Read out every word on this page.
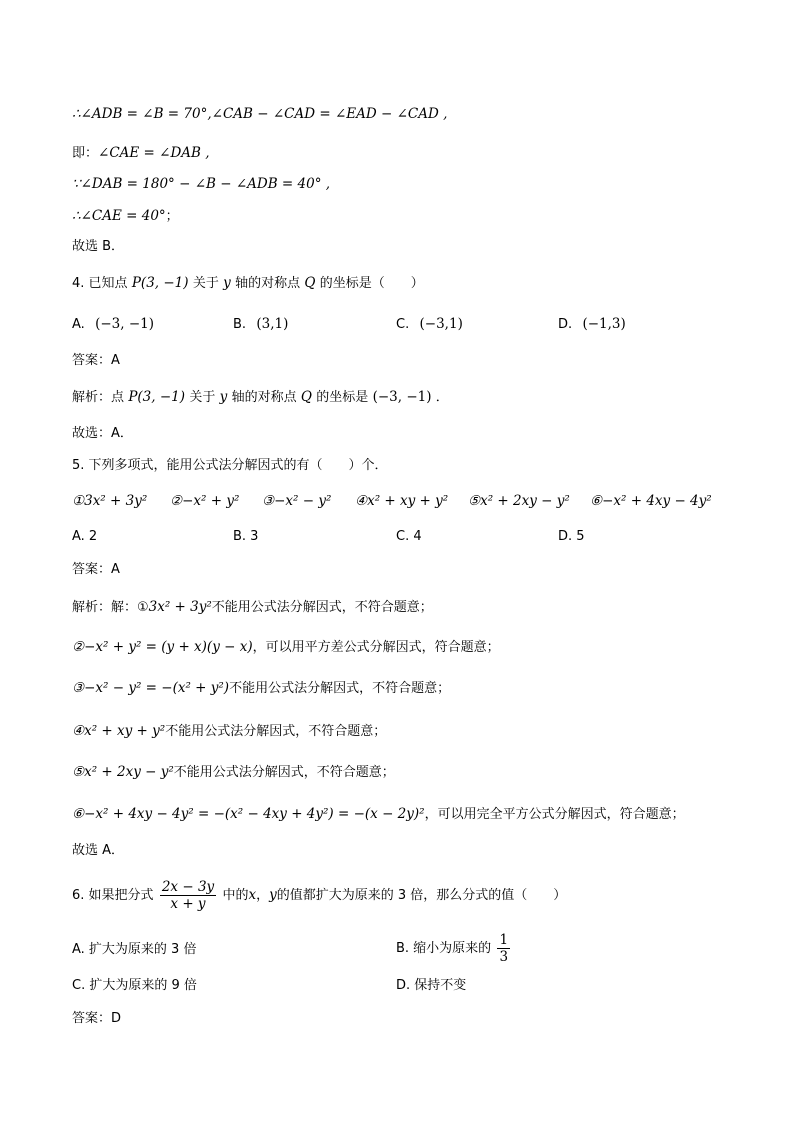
∴∠ADB = ∠B = 70°,∠CAB − ∠CAD = ∠EAD − ∠CAD ,
即：∠CAE = ∠DAB ,
∵∠DAB = 180° − ∠B − ∠ADB = 40° ,
∴∠CAE = 40°；
故选 B．
4. 已知点 P(3, −1) 关于 y 轴的对称点 Q 的坐标是（　　）
A. (−3, −1)	B. (3,1)	C. (−3,1)	D. (−1,3)
答案：A
解析：点 P(3, −1) 关于 y 轴的对称点 Q 的坐标是 (−3, −1) ．
故选：A．
5. 下列多项式，能用公式法分解因式的有（　　）个．
①3x² + 3y² ②−x² + y² ③−x² − y² ④x² + xy + y² ⑤x² + 2xy − y² ⑥−x² + 4xy − 4y²
A. 2	B. 3	C. 4	D. 5
答案：A
解析：解：①3x² + 3y²不能用公式法分解因式，不符合题意；
②−x² + y² = (y + x)(y − x)，可以用平方差公式分解因式，符合题意；
③−x² − y² = −(x² + y²)不能用公式法分解因式，不符合题意；
④x² + xy + y²不能用公式法分解因式，不符合题意；
⑤x² + 2xy − y²不能用公式法分解因式，不符合题意；
⑥−x² + 4xy − 4y² = −(x² − 4xy + 4y²) = −(x − 2y)²，可以用完全平方公式分解因式，符合题意；
故选 A．
6. 如果把分式 $\frac{2x - 3y}{x + y}$ 中的x，y的值都扩大为原来的 3 倍，那么分式的值（　　）
A. 扩大为原来的 3 倍	B. 缩小为原来的 $\frac{1}{3}$
C. 扩大为原来的 9 倍	D. 保持不变
答案：D
